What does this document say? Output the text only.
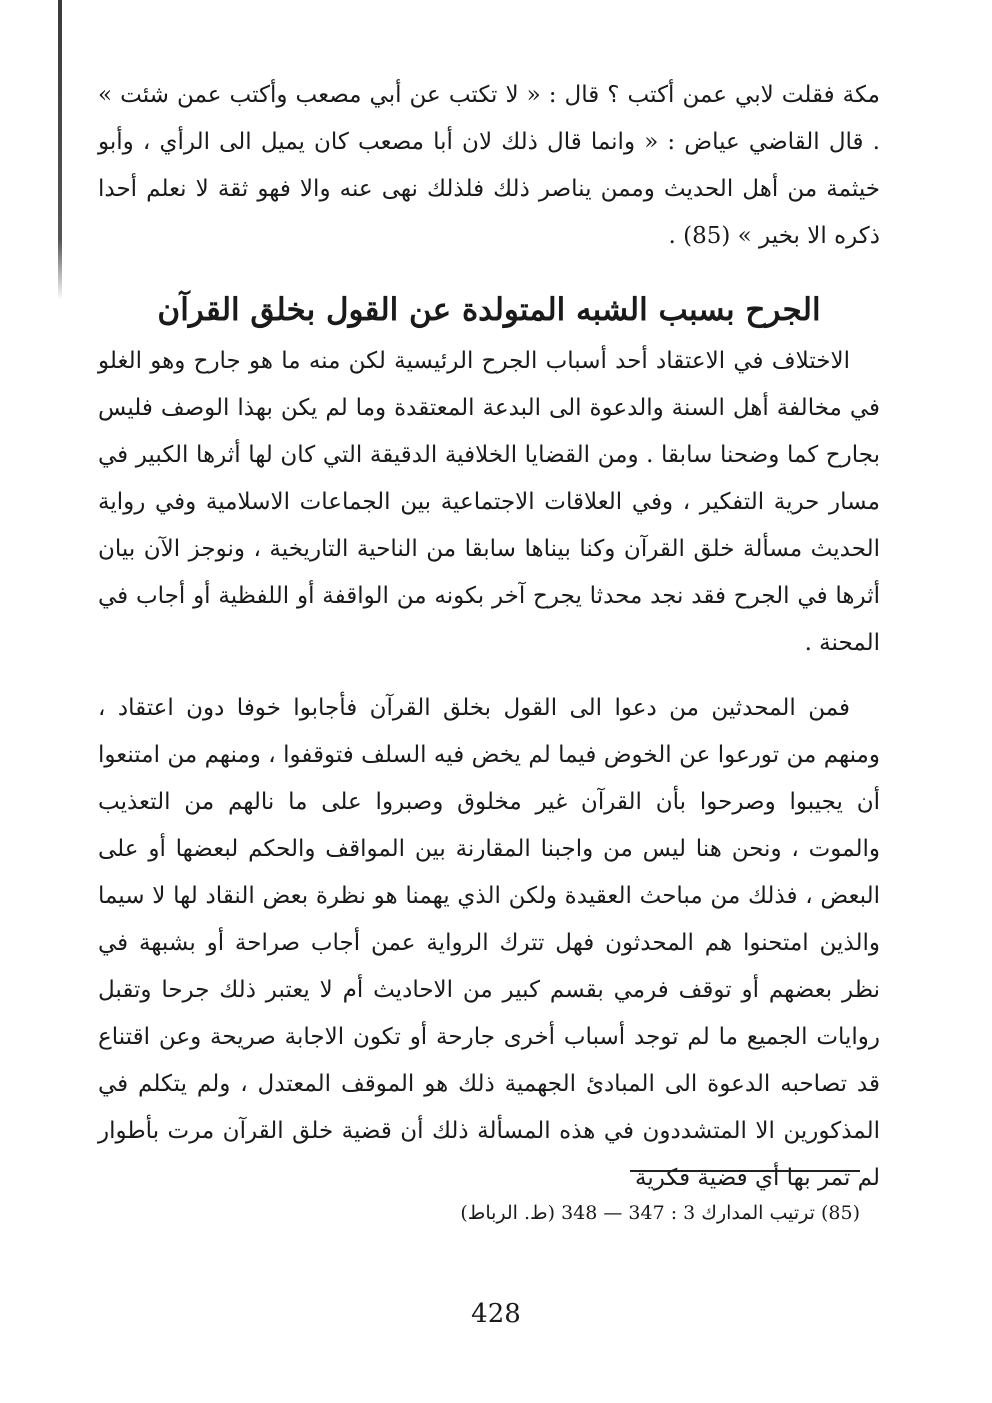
مكة فقلت لابي عمن أكتب ؟ قال : « لا تكتب عن أبي مصعب وأكتب عمن شئت » . قال القاضي عياض : « وانما قال ذلك لان أبا مصعب كان يميل الى الرأي ، وأبو خيثمة من أهل الحديث وممن يناصر ذلك فلذلك نهى عنه والا فهو ثقة لا نعلم أحدا ذكره الا بخير » (85) .

الجرح بسبب الشبه المتولدة عن القول بخلق القرآن

الاختلاف في الاعتقاد أحد أسباب الجرح الرئيسية لكن منه ما هو جارح وهو الغلو في مخالفة أهل السنة والدعوة الى البدعة المعتقدة وما لم يكن بهذا الوصف فليس بجارح كما وضحنا سابقا . ومن القضايا الخلافية الدقيقة التي كان لها أثرها الكبير في مسار حرية التفكير ، وفي العلاقات الاجتماعية بين الجماعات الاسلامية وفي رواية الحديث مسألة خلق القرآن وكنا بيناها سابقا من الناحية التاريخية ، ونوجز الآن بيان أثرها في الجرح فقد نجد محدثا يجرح آخر بكونه من الواقفة أو اللفظية أو أجاب في المحنة .

فمن المحدثين من دعوا الى القول بخلق القرآن فأجابوا خوفا دون اعتقاد ، ومنهم من تورعوا عن الخوض فيما لم يخض فيه السلف فتوقفوا ، ومنهم من امتنعوا أن يجيبوا وصرحوا بأن القرآن غير مخلوق وصبروا على ما نالهم من التعذيب والموت ، ونحن هنا ليس من واجبنا المقارنة بين المواقف والحكم لبعضها أو على البعض ، فذلك من مباحث العقيدة ولكن الذي يهمنا هو نظرة بعض النقاد لها لا سيما والذين امتحنوا هم المحدثون فهل تترك الرواية عمن أجاب صراحة أو بشبهة في نظر بعضهم أو توقف فرمي بقسم كبير من الاحاديث أم لا يعتبر ذلك جرحا وتقبل روايات الجميع ما لم توجد أسباب أخرى جارحة أو تكون الاجابة صريحة وعن اقتناع قد تصاحبه الدعوة الى المبادئ الجهمية ذلك هو الموقف المعتدل ، ولم يتكلم في المذكورين الا المتشددون في هذه المسألة ذلك أن قضية خلق القرآن مرت بأطوار لم تمر بها أي قضية فكرية

(85) ترتيب المدارك 3 : 347 — 348 (ط. الرباط)
428
